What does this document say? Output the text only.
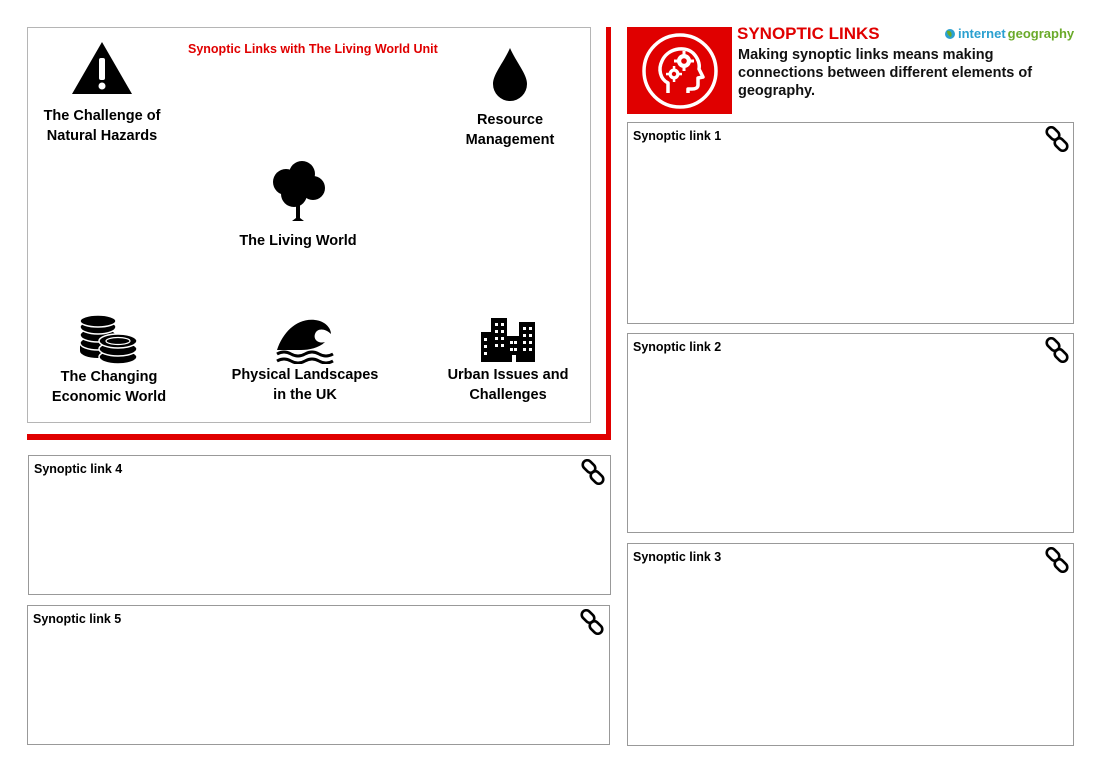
Synoptic Links with The Living World Unit
The Challenge of
Natural Hazards
Resource
Management
The Living World
The Changing
Economic World
Physical Landscapes
in the UK
Urban Issues and
Challenges
SYNOPTIC LINKS
Making synoptic links means making connections between different elements of geography.
internet geography
Synoptic link 1
Synoptic link 2
Synoptic link 3
Synoptic link 4
Synoptic link 5
